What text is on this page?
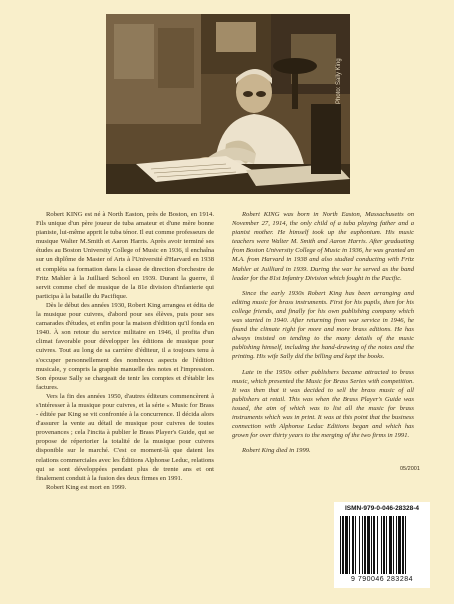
Photo: Sally King

Robert KING est né à North Easton, près de Boston, en 1914. Fils unique d'un père joueur de tuba amateur et d'une mère bonne pianiste, lui-même apprit le tuba ténor. Il eut comme professeurs de musique Walter M.Smith et Aaron Harris. Après avoir terminé ses études au Boston University College of Music en 1936, il enchaîna sur un diplôme de Master of Arts à l'Université d'Harvard en 1938 et compléta sa formation dans la classe de direction d'orchestre de Fritz Mahler à la Juilliard School en 1939. Durant la guerre, il servit comme chef de musique de la 81e division d'infanterie qui participa à la bataille du Pacifique.

Dès le début des années 1930, Robert King arrangea et édita de la musique pour cuivres, d'abord pour ses élèves, puis pour ses camarades d'études, et enfin pour la maison d'édition qu'il fonda en 1940. À son retour du service militaire en 1946, il profita d'un climat favorable pour développer les éditions de musique pour cuivres. Tout au long de sa carrière d'éditeur, il a toujours tenu à s'occuper personnellement des nombreux aspects de l'édition musicale, y compris la graphie manuelle des notes et l'impression. Son épouse Sally se chargeait de tenir les comptes et d'établir les factures.

Vers la fin des années 1950, d'autres éditeurs commencèrent à s'intéresser à la musique pour cuivres, et la série « Music for Brass - éditée par King se vit confrontée à la concurrence. Il décida alors d'assurer la vente au détail de musique pour cuivres de toutes provenances ; cela l'incita à publier le Brass Player's Guide, qui se propose de répertorier la totalité de la musique pour cuivres disponible sur le marché. C'est ce moment-là que datent les relations commerciales avec les Éditions Alphonse Leduc, relations qui se sont développées pendant plus de trente ans et ont finalement conduit à la fusion des deux firmes en 1991.

Robert King est mort en 1999.

Robert KING was born in North Easton, Massachusetts on November 27, 1914, the only child of a tuba playing father and a pianist mother. He himself took up the euphonium. His music teachers were Walter M. Smith and Aaron Harris. After graduating from Boston University College of Music in 1936, he was granted an M.A. from Harvard in 1938 and also studied conducting with Fritz Mahler at Juilliard in 1939. During the war he served as the band leader for the 81st Infantry Division which fought in the Pacific.

Since the early 1930s Robert King has been arranging and editing music for brass instruments. First for his pupils, then for his college friends, and finally for his own publishing company which was started in 1940. After returning from war service in 1946, he found the climate right for more and more brass editions. He has always insisted on tending to the many details of the music publishing himself, including the hand-drawing of the notes and the printing. His wife Sally did the billing and kept the books.

Late in the 1950s other publishers became attracted to brass music, which presented the Music for Brass Series with competition. It was then that it was decided to sell the brass music of all publishers at retail. This was when the Brass Player's Guide was issued, the aim of which was to list all the music for brass instruments which was in print. It was at this point that the business connection with Alphonse Leduc Editions began and which has grown for over thirty years to the merging of the two firms in 1991.

Robert King died in 1999.

05/2001
ISMN-979-0-046-28328-4
9 790046 283284
